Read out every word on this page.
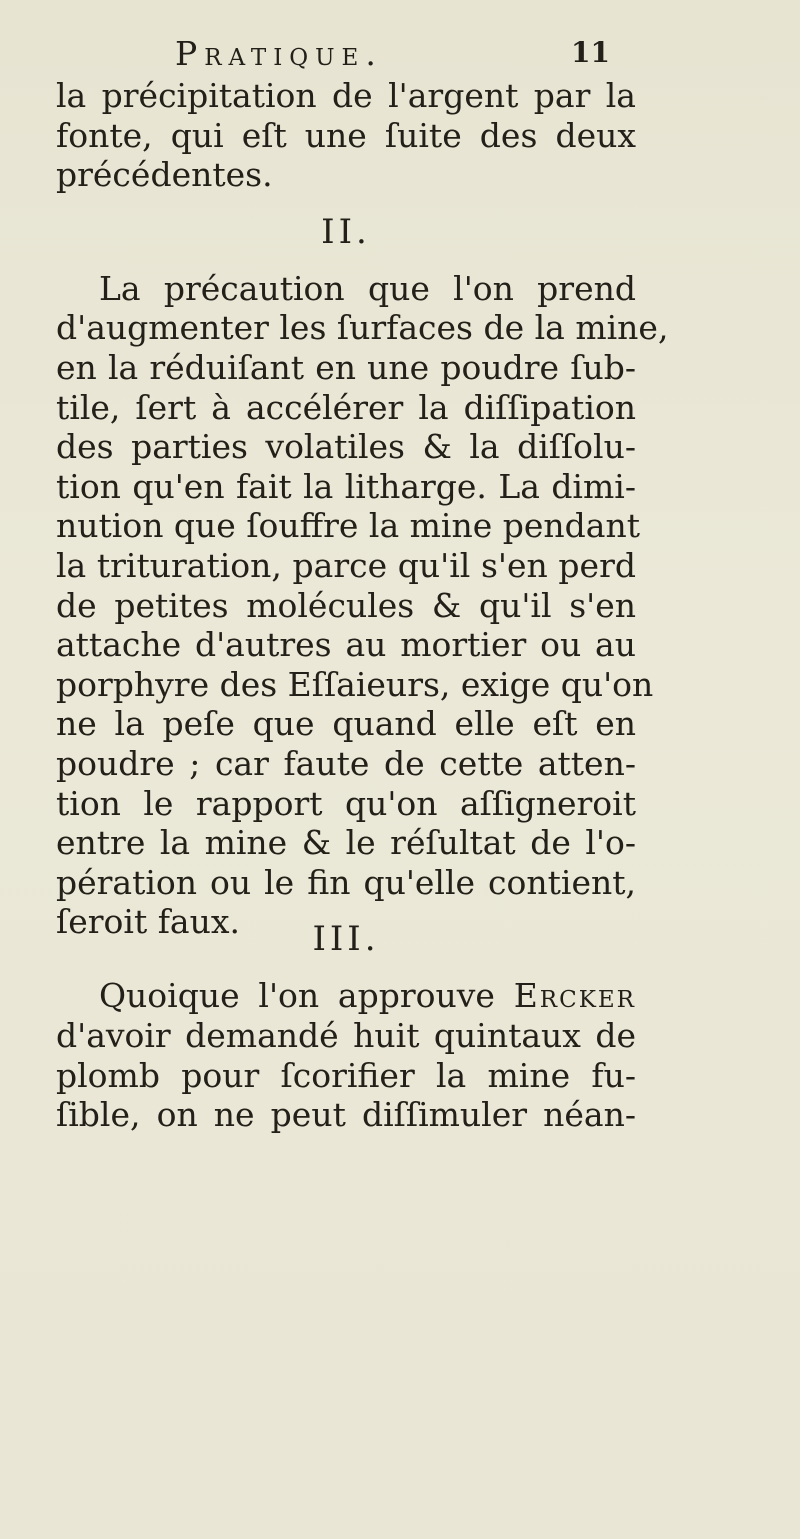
Pratique.	11
la précipitation de l'argent par la
fonte, qui eſt une ſuite des deux
précédentes.
II.
La précaution que l'on prend
d'augmenter les ſurfaces de la mine,
en la réduiſant en une poudre ſub-
tile, ſert à accélérer la diſſipation
des parties volatiles & la diſſolu-
tion qu'en fait la litharge. La dimi-
nution que ſouffre la mine pendant
la trituration, parce qu'il s'en perd
de petites molécules & qu'il s'en
attache d'autres au mortier ou au
porphyre des Eſſaieurs, exige qu'on
ne la peſe que quand elle eſt en
poudre ; car faute de cette atten-
tion le rapport qu'on aſſigneroit
entre la mine & le réſultat de l'o-
pération ou le fin qu'elle contient,
ſeroit faux.	III.
Quoique l'on approuve Ercker
d'avoir demandé huit quintaux de
plomb pour ſcorifier la mine fu-
ſible, on ne peut diſſimuler néan-
